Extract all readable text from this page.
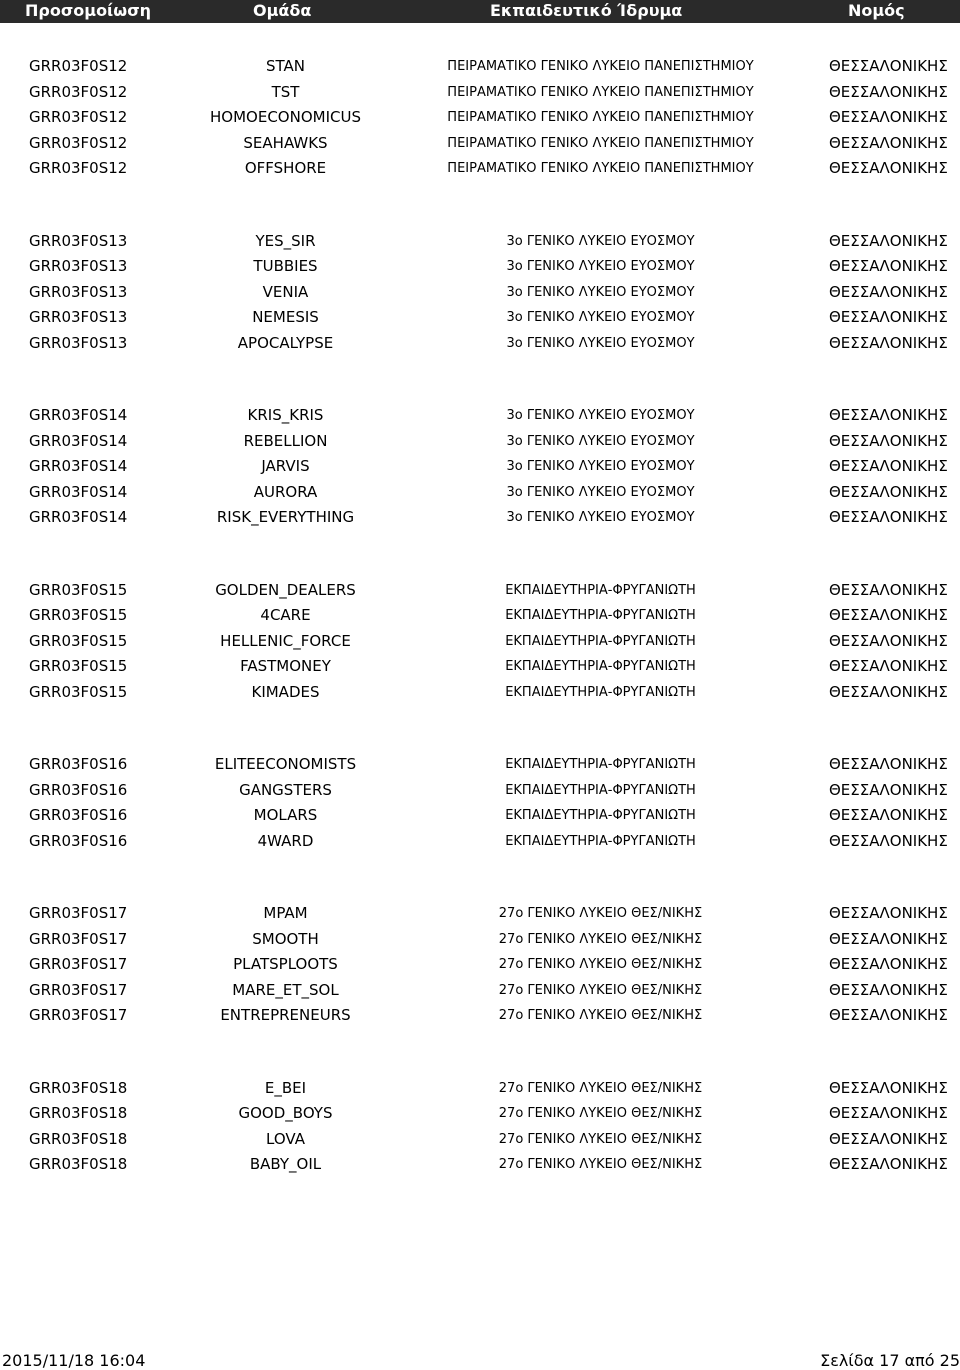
Προσομοίωση	Ομάδα	Εκπαιδευτικό Ίδρυμα	Νομός
GRR03F0S12	STAN	ΠΕΙΡΑΜΑΤΙΚΟ ΓΕΝΙΚΟ ΛΥΚΕΙΟ ΠΑΝΕΠΙΣΤΗΜΙΟΥ	ΘΕΣΣΑΛΟΝΙΚΗΣ
GRR03F0S12	TST	ΠΕΙΡΑΜΑΤΙΚΟ ΓΕΝΙΚΟ ΛΥΚΕΙΟ ΠΑΝΕΠΙΣΤΗΜΙΟΥ	ΘΕΣΣΑΛΟΝΙΚΗΣ
GRR03F0S12	HOMOECONOMICUS	ΠΕΙΡΑΜΑΤΙΚΟ ΓΕΝΙΚΟ ΛΥΚΕΙΟ ΠΑΝΕΠΙΣΤΗΜΙΟΥ	ΘΕΣΣΑΛΟΝΙΚΗΣ
GRR03F0S12	SEAHAWKS	ΠΕΙΡΑΜΑΤΙΚΟ ΓΕΝΙΚΟ ΛΥΚΕΙΟ ΠΑΝΕΠΙΣΤΗΜΙΟΥ	ΘΕΣΣΑΛΟΝΙΚΗΣ
GRR03F0S12	OFFSHORE	ΠΕΙΡΑΜΑΤΙΚΟ ΓΕΝΙΚΟ ΛΥΚΕΙΟ ΠΑΝΕΠΙΣΤΗΜΙΟΥ	ΘΕΣΣΑΛΟΝΙΚΗΣ
GRR03F0S13	YES_SIR	3ο ΓΕΝΙΚΟ ΛΥΚΕΙΟ ΕΥΟΣΜΟΥ	ΘΕΣΣΑΛΟΝΙΚΗΣ
GRR03F0S13	TUBBIES	3ο ΓΕΝΙΚΟ ΛΥΚΕΙΟ ΕΥΟΣΜΟΥ	ΘΕΣΣΑΛΟΝΙΚΗΣ
GRR03F0S13	VENIA	3ο ΓΕΝΙΚΟ ΛΥΚΕΙΟ ΕΥΟΣΜΟΥ	ΘΕΣΣΑΛΟΝΙΚΗΣ
GRR03F0S13	NEMESIS	3ο ΓΕΝΙΚΟ ΛΥΚΕΙΟ ΕΥΟΣΜΟΥ	ΘΕΣΣΑΛΟΝΙΚΗΣ
GRR03F0S13	APOCALYPSE	3ο ΓΕΝΙΚΟ ΛΥΚΕΙΟ ΕΥΟΣΜΟΥ	ΘΕΣΣΑΛΟΝΙΚΗΣ
GRR03F0S14	KRIS_KRIS	3ο ΓΕΝΙΚΟ ΛΥΚΕΙΟ ΕΥΟΣΜΟΥ	ΘΕΣΣΑΛΟΝΙΚΗΣ
GRR03F0S14	REBELLION	3ο ΓΕΝΙΚΟ ΛΥΚΕΙΟ ΕΥΟΣΜΟΥ	ΘΕΣΣΑΛΟΝΙΚΗΣ
GRR03F0S14	JARVIS	3ο ΓΕΝΙΚΟ ΛΥΚΕΙΟ ΕΥΟΣΜΟΥ	ΘΕΣΣΑΛΟΝΙΚΗΣ
GRR03F0S14	AURORA	3ο ΓΕΝΙΚΟ ΛΥΚΕΙΟ ΕΥΟΣΜΟΥ	ΘΕΣΣΑΛΟΝΙΚΗΣ
GRR03F0S14	RISK_EVERYTHING	3ο ΓΕΝΙΚΟ ΛΥΚΕΙΟ ΕΥΟΣΜΟΥ	ΘΕΣΣΑΛΟΝΙΚΗΣ
GRR03F0S15	GOLDEN_DEALERS	ΕΚΠΑΙΔΕΥΤΗΡΙΑ-ΦΡΥΓΑΝΙΩΤΗ	ΘΕΣΣΑΛΟΝΙΚΗΣ
GRR03F0S15	4CARE	ΕΚΠΑΙΔΕΥΤΗΡΙΑ-ΦΡΥΓΑΝΙΩΤΗ	ΘΕΣΣΑΛΟΝΙΚΗΣ
GRR03F0S15	HELLENIC_FORCE	ΕΚΠΑΙΔΕΥΤΗΡΙΑ-ΦΡΥΓΑΝΙΩΤΗ	ΘΕΣΣΑΛΟΝΙΚΗΣ
GRR03F0S15	FASTMONEY	ΕΚΠΑΙΔΕΥΤΗΡΙΑ-ΦΡΥΓΑΝΙΩΤΗ	ΘΕΣΣΑΛΟΝΙΚΗΣ
GRR03F0S15	KIMADES	ΕΚΠΑΙΔΕΥΤΗΡΙΑ-ΦΡΥΓΑΝΙΩΤΗ	ΘΕΣΣΑΛΟΝΙΚΗΣ
GRR03F0S16	ELITEECONOMISTS	ΕΚΠΑΙΔΕΥΤΗΡΙΑ-ΦΡΥΓΑΝΙΩΤΗ	ΘΕΣΣΑΛΟΝΙΚΗΣ
GRR03F0S16	GANGSTERS	ΕΚΠΑΙΔΕΥΤΗΡΙΑ-ΦΡΥΓΑΝΙΩΤΗ	ΘΕΣΣΑΛΟΝΙΚΗΣ
GRR03F0S16	MOLARS	ΕΚΠΑΙΔΕΥΤΗΡΙΑ-ΦΡΥΓΑΝΙΩΤΗ	ΘΕΣΣΑΛΟΝΙΚΗΣ
GRR03F0S16	4WARD	ΕΚΠΑΙΔΕΥΤΗΡΙΑ-ΦΡΥΓΑΝΙΩΤΗ	ΘΕΣΣΑΛΟΝΙΚΗΣ
GRR03F0S17	MPAM	27ο ΓΕΝΙΚΟ ΛΥΚΕΙΟ ΘΕΣ/ΝΙΚΗΣ	ΘΕΣΣΑΛΟΝΙΚΗΣ
GRR03F0S17	SMOOTH	27ο ΓΕΝΙΚΟ ΛΥΚΕΙΟ ΘΕΣ/ΝΙΚΗΣ	ΘΕΣΣΑΛΟΝΙΚΗΣ
GRR03F0S17	PLATSPLOOTS	27ο ΓΕΝΙΚΟ ΛΥΚΕΙΟ ΘΕΣ/ΝΙΚΗΣ	ΘΕΣΣΑΛΟΝΙΚΗΣ
GRR03F0S17	MARE_ET_SOL	27ο ΓΕΝΙΚΟ ΛΥΚΕΙΟ ΘΕΣ/ΝΙΚΗΣ	ΘΕΣΣΑΛΟΝΙΚΗΣ
GRR03F0S17	ENTREPRENEURS	27ο ΓΕΝΙΚΟ ΛΥΚΕΙΟ ΘΕΣ/ΝΙΚΗΣ	ΘΕΣΣΑΛΟΝΙΚΗΣ
GRR03F0S18	E_BEI	27ο ΓΕΝΙΚΟ ΛΥΚΕΙΟ ΘΕΣ/ΝΙΚΗΣ	ΘΕΣΣΑΛΟΝΙΚΗΣ
GRR03F0S18	GOOD_BOYS	27ο ΓΕΝΙΚΟ ΛΥΚΕΙΟ ΘΕΣ/ΝΙΚΗΣ	ΘΕΣΣΑΛΟΝΙΚΗΣ
GRR03F0S18	LOVA	27ο ΓΕΝΙΚΟ ΛΥΚΕΙΟ ΘΕΣ/ΝΙΚΗΣ	ΘΕΣΣΑΛΟΝΙΚΗΣ
GRR03F0S18	BABY_OIL	27ο ΓΕΝΙΚΟ ΛΥΚΕΙΟ ΘΕΣ/ΝΙΚΗΣ	ΘΕΣΣΑΛΟΝΙΚΗΣ
2015/11/18 16:04	Σελίδα 17 από 25
